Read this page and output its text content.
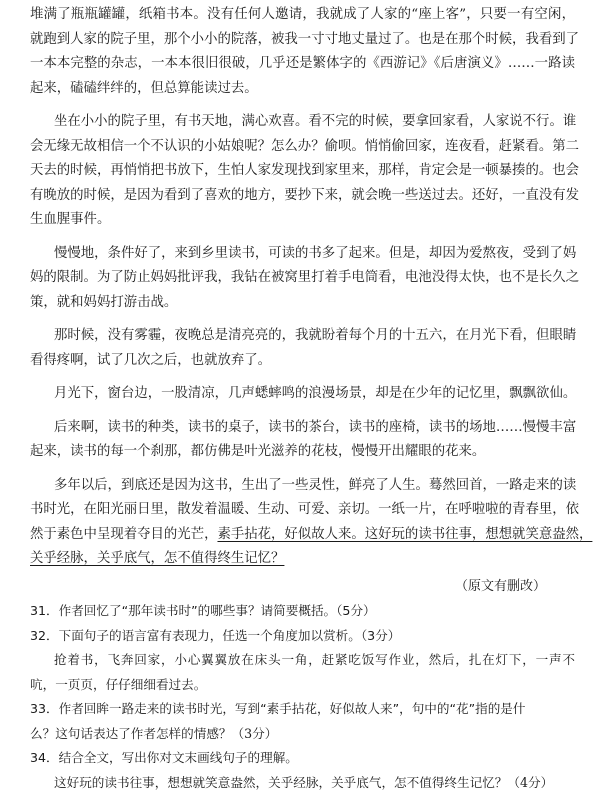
堆满了瓶瓶罐罐，纸箱书本。没有任何人邀请，我就成了人家的“座上客”，只要一有空闲，
就跑到人家的院子里，那个小小的院落，被我一寸寸地丈量过了。也是在那个时候，我看到了
一本本完整的杂志，一本本很旧很破，几乎还是繁体字的《西游记》《后唐演义》……一路读
起来，磕磕绊绊的，但总算能读过去。
坐在小小的院子里，有书天地，满心欢喜。看不完的时候，要拿回家看，人家说不行。谁
会无缘无故相信一个不认识的小姑娘呢？怎么办？偷呗。悄悄偷回家，连夜看，赶紧看。第二
天去的时候，再悄悄把书放下，生怕人家发现找到家里来，那样，肯定会是一顿暴揍的。也会
有晚放的时候，是因为看到了喜欢的地方，要抄下来，就会晚一些送过去。还好，一直没有发
生血腥事件。
慢慢地，条件好了，来到乡里读书，可读的书多了起来。但是，却因为爱熬夜，受到了妈
妈的限制。为了防止妈妈批评我，我钻在被窝里打着手电筒看，电池没得太快，也不是长久之
策，就和妈妈打游击战。
那时候，没有雾霾，夜晚总是清亮亮的，我就盼着每个月的十五六，在月光下看，但眼睛
看得疼啊，试了几次之后，也就放弃了。
月光下，窗台边，一股清凉，几声蟋蟀鸣的浪漫场景，却是在少年的记忆里，飘飘欲仙。
后来啊，读书的种类，读书的桌子，读书的茶台，读书的座椅，读书的场地……慢慢丰富
起来，读书的每一个刹那，都仿佛是叶光滋养的花枝，慢慢开出耀眼的花来。
多年以后，到底还是因为这书，生出了一些灵性，鲜亮了人生。蓦然回首，一路走来的读
书时光，在阳光丽日里，散发着温暖、生动、可爱、亲切。一纸一片，在呼啦啦的青春里，依
然于素色中呈现着夺目的光芒，素手拈花，好似故人来。这好玩的读书往事，想想就笑意盎然，
关乎经脉，关乎底气，怎不值得终生记忆？
（原文有删改）
31．作者回忆了“那年读书时”的哪些事？请简要概括。（5分）
32．下面句子的语言富有表现力，任选一个角度加以赏析。（3分）
抢着书，飞奔回家，小心翼翼放在床头一角，赶紧吃饭写作业，然后，扎在灯下，一声不
吭，一页页，仔仔细细看过去。
33．作者回眸一路走来的读书时光，写到“素手拈花，好似故人来”，句中的“花”指的是什
么？这句话表达了作者怎样的情感？（3分）
34．结合全文，写出你对文末画线句子的理解。
这好玩的读书往事，想想就笑意盎然，关乎经脉，关乎底气，怎不值得终生记忆？（4分）
